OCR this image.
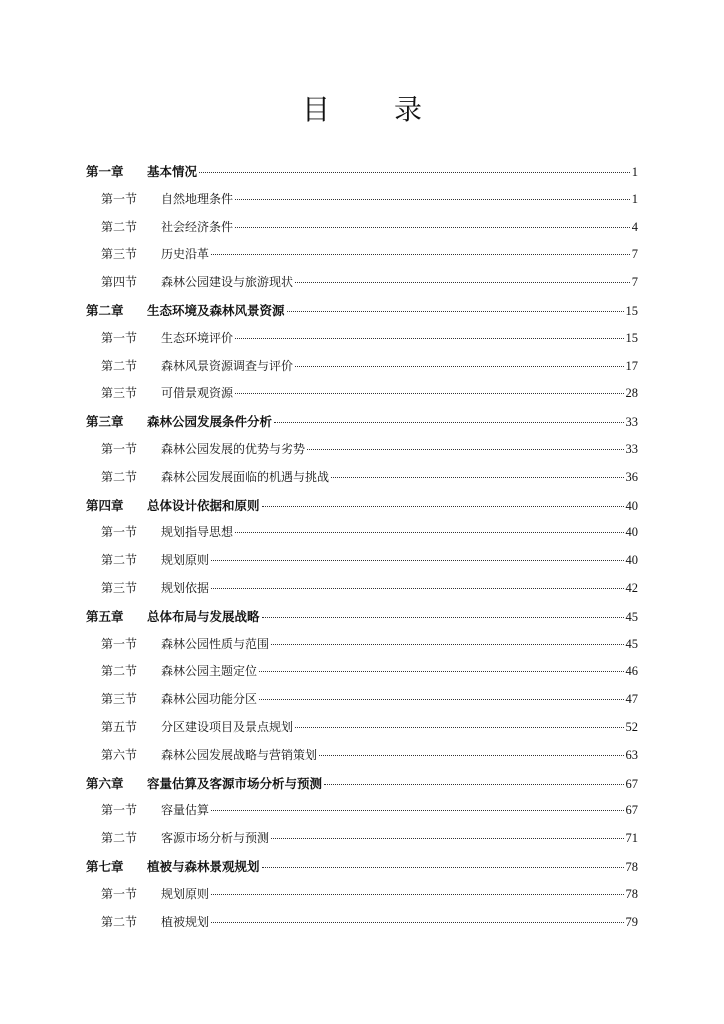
目录
第一章	基本情况	1
第一节	自然地理条件	1
第二节	社会经济条件	4
第三节	历史沿革	7
第四节	森林公园建设与旅游现状	7
第二章	生态环境及森林风景资源	15
第一节	生态环境评价	15
第二节	森林风景资源调查与评价	17
第三节	可借景观资源	28
第三章	森林公园发展条件分析	33
第一节	森林公园发展的优势与劣势	33
第二节	森林公园发展面临的机遇与挑战	36
第四章	总体设计依据和原则	40
第一节	规划指导思想	40
第二节	规划原则	40
第三节	规划依据	42
第五章	总体布局与发展战略	45
第一节	森林公园性质与范围	45
第二节	森林公园主题定位	46
第三节	森林公园功能分区	47
第五节	分区建设项目及景点规划	52
第六节	森林公园发展战略与营销策划	63
第六章	容量估算及客源市场分析与预测	67
第一节	容量估算	67
第二节	客源市场分析与预测	71
第七章	植被与森林景观规划	78
第一节	规划原则	78
第二节	植被规划	79
